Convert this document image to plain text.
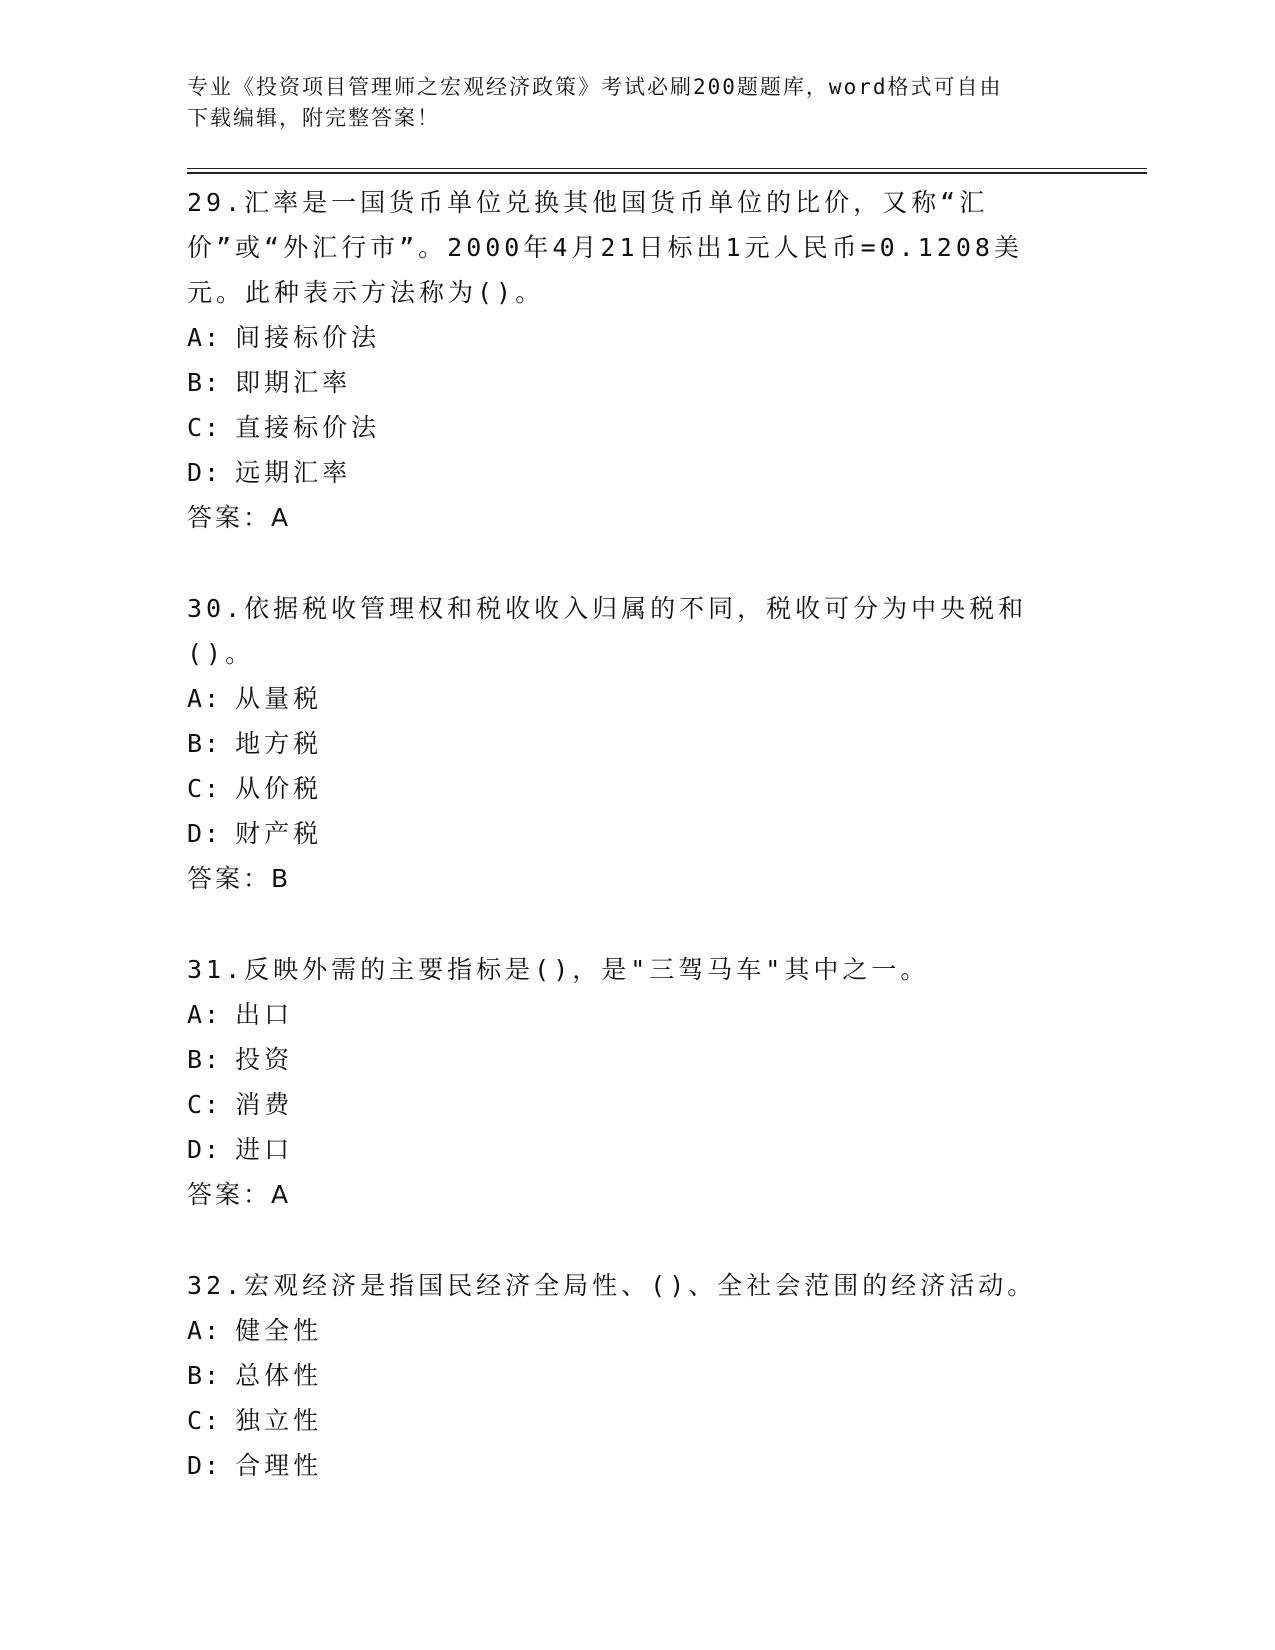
专业《投资项目管理师之宏观经济政策》考试必刷200题题库，word格式可自由
下载编辑，附完整答案！
29.汇率是一国货币单位兑换其他国货币单位的比价，又称“汇价”或“外汇行市”。2000年4月21日标出1元人民币=0.1208美元。此种表示方法称为()。
A: 间接标价法
B: 即期汇率
C: 直接标价法
D: 远期汇率
答案：A
30.依据税收管理权和税收收入归属的不同，税收可分为中央税和()。
A: 从量税
B: 地方税
C: 从价税
D: 财产税
答案：B
31.反映外需的主要指标是()，是"三驾马车"其中之一。
A: 出口
B: 投资
C: 消费
D: 进口
答案：A
32.宏观经济是指国民经济全局性、()、全社会范围的经济活动。
A: 健全性
B: 总体性
C: 独立性
D: 合理性
